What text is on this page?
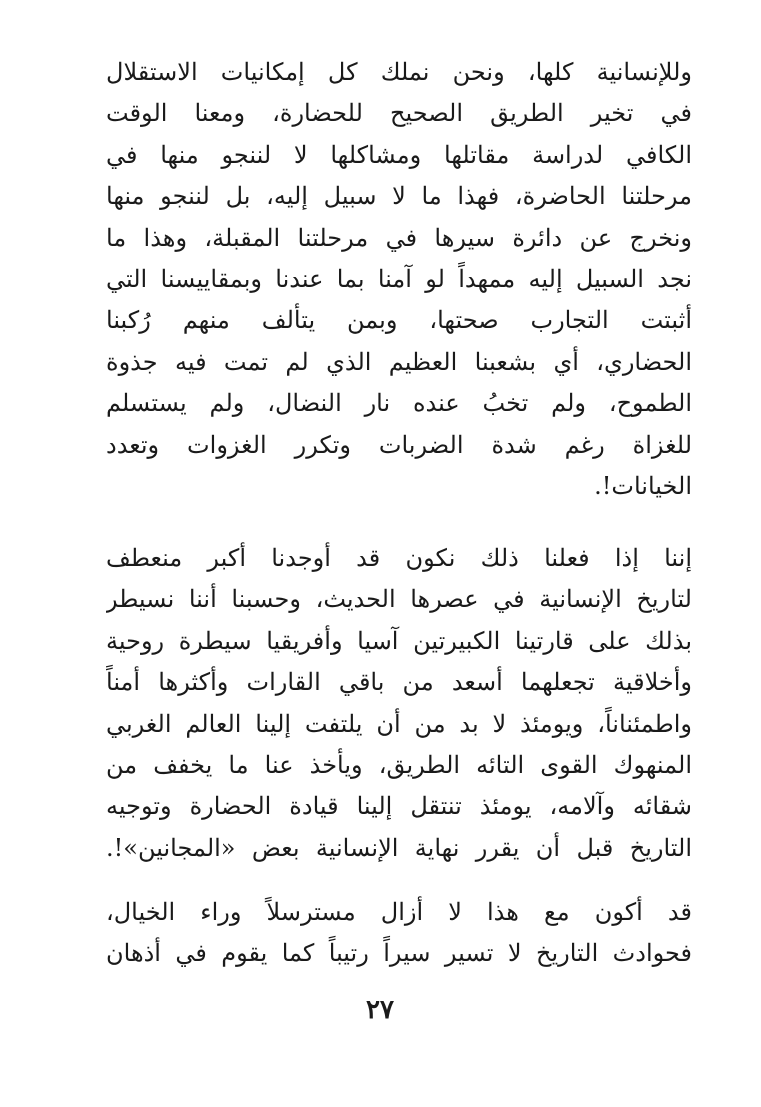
وللإنسانية كلها، ونحن نملك كل إمكانيات الاستقلال
في تخير الطريق الصحيح للحضارة، ومعنا الوقت
الكافي لدراسة مقاتلها ومشاكلها لا لننجو منها في
مرحلتنا الحاضرة، فهذا ما لا سبيل إليه، بل لننجو منها
ونخرج عن دائرة سيرها في مرحلتنا المقبلة، وهذا ما
نجد السبيل إليه ممهداً لو آمنا بما عندنا وبمقاييسنا التي
أثبتت التجارب صحتها، وبمن يتألف منهم رُكبنا
الحضاري، أي بشعبنا العظيم الذي لم تمت فيه جذوة
الطموح، ولم تخبُ عنده نار النضال، ولم يستسلم
للغزاة رغم شدة الضربات وتكرر الغزوات وتعدد
الخيانات!.
إننا إذا فعلنا ذلك نكون قد أوجدنا أكبر منعطف
لتاريخ الإنسانية في عصرها الحديث، وحسبنا أننا نسيطر
بذلك على قارتينا الكبيرتين آسيا وأفريقيا سيطرة روحية
وأخلاقية تجعلهما أسعد من باقي القارات وأكثرها أمناً
واطمئناناً، ويومئذ لا بد من أن يلتفت إلينا العالم الغربي
المنهوك القوى التائه الطريق، ويأخذ عنا ما يخفف من
شقائه وآلامه، يومئذ تنتقل إلينا قيادة الحضارة وتوجيه
التاريخ قبل أن يقرر نهاية الإنسانية بعض «المجانين»!.
قد أكون مع هذا لا أزال مسترسلاً وراء الخيال،
فحوادث التاريخ لا تسير سيراً رتيباً كما يقوم في أذهان
٢٧
